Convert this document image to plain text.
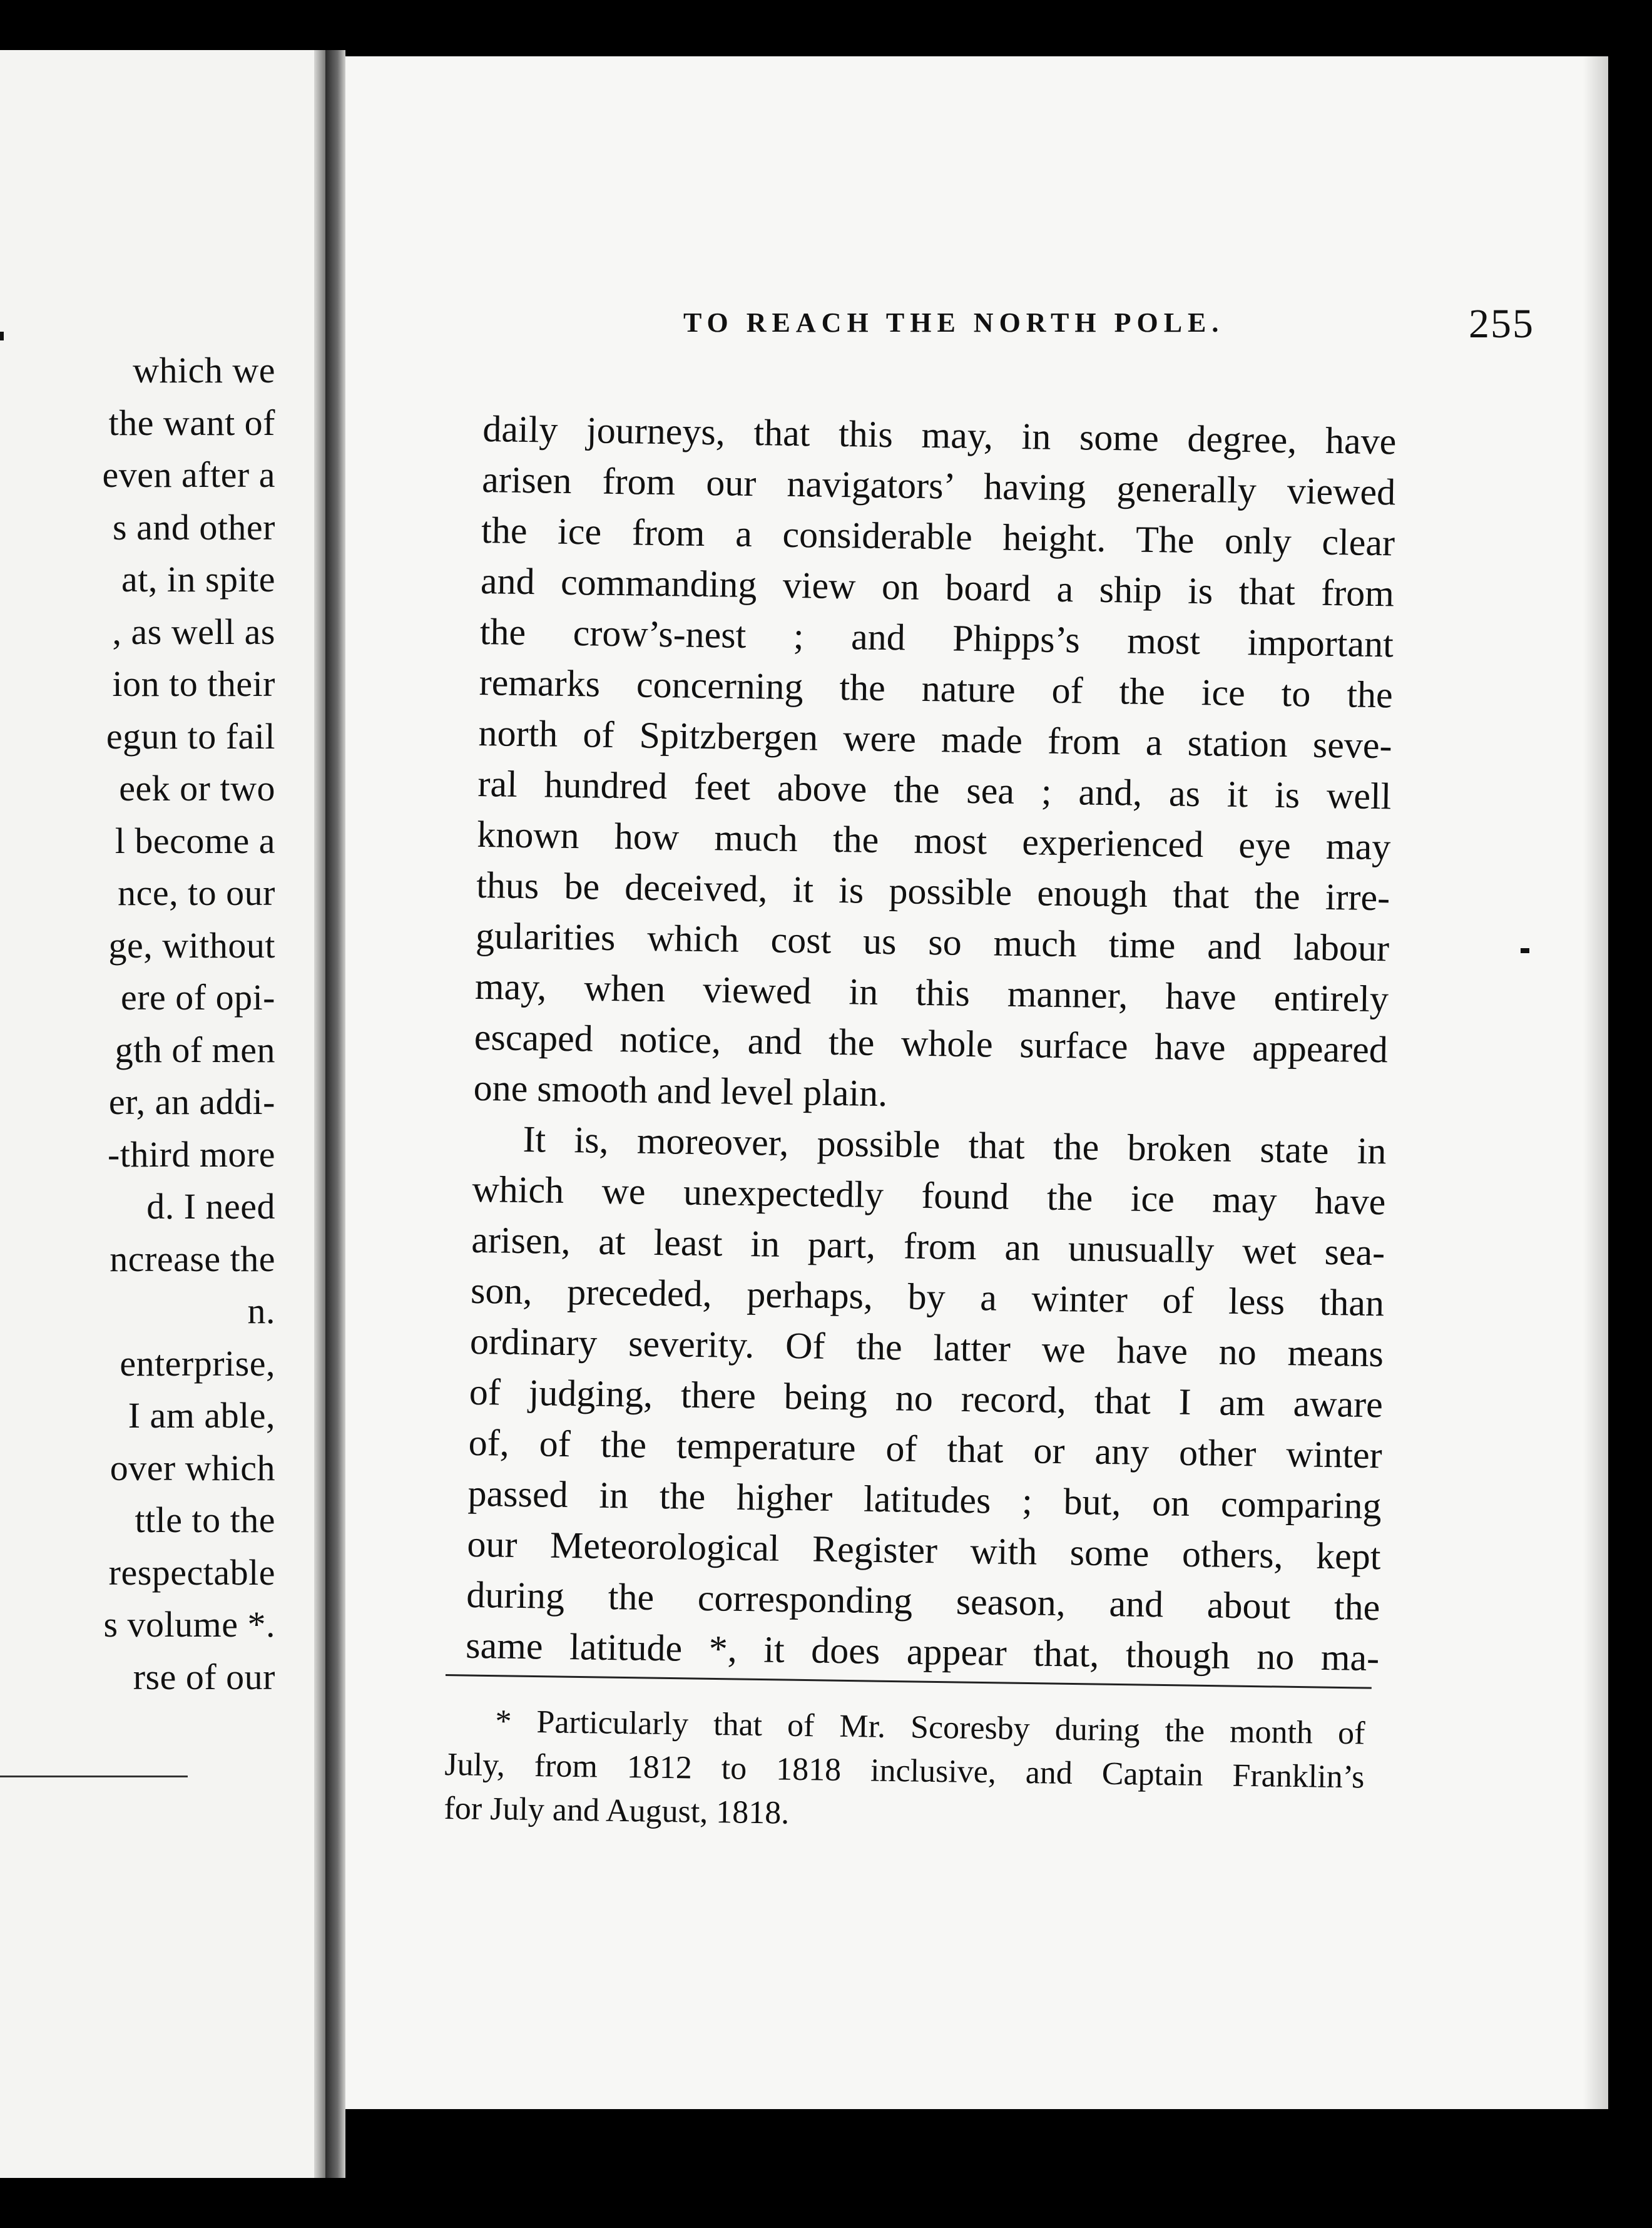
which we
the want of
even after a
s and other
at, in spite
, as well as
ion to their
egun to fail
eek or two
l become a
nce, to our
ge, without
ere of opi-
gth of men
er, an addi-
-third more
d. I need
ncrease the
n.
enterprise,
I am able,
over which
ttle to the
respectable
s volume *.
rse of our
TO REACH THE NORTH POLE.	255
daily journeys, that this may, in some degree, have
arisen from our navigators’ having generally viewed
the ice from a considerable height. The only clear
and commanding view on board a ship is that from
the crow’s-nest ; and Phipps’s most important
remarks concerning the nature of the ice to the
north of Spitzbergen were made from a station seve-
ral hundred feet above the sea ; and, as it is well
known how much the most experienced eye may
thus be deceived, it is possible enough that the irre-
gularities which cost us so much time and labour
may, when viewed in this manner, have entirely
escaped notice, and the whole surface have appeared
one smooth and level plain.
It is, moreover, possible that the broken state in
which we unexpectedly found the ice may have
arisen, at least in part, from an unusually wet sea-
son, preceded, perhaps, by a winter of less than
ordinary severity. Of the latter we have no means
of judging, there being no record, that I am aware
of, of the temperature of that or any other winter
passed in the higher latitudes ; but, on comparing
our Meteorological Register with some others, kept
during the corresponding season, and about the
same latitude *, it does appear that, though no ma-
* Particularly that of Mr. Scoresby during the month of
July, from 1812 to 1818 inclusive, and Captain Franklin’s
for July and August, 1818.
